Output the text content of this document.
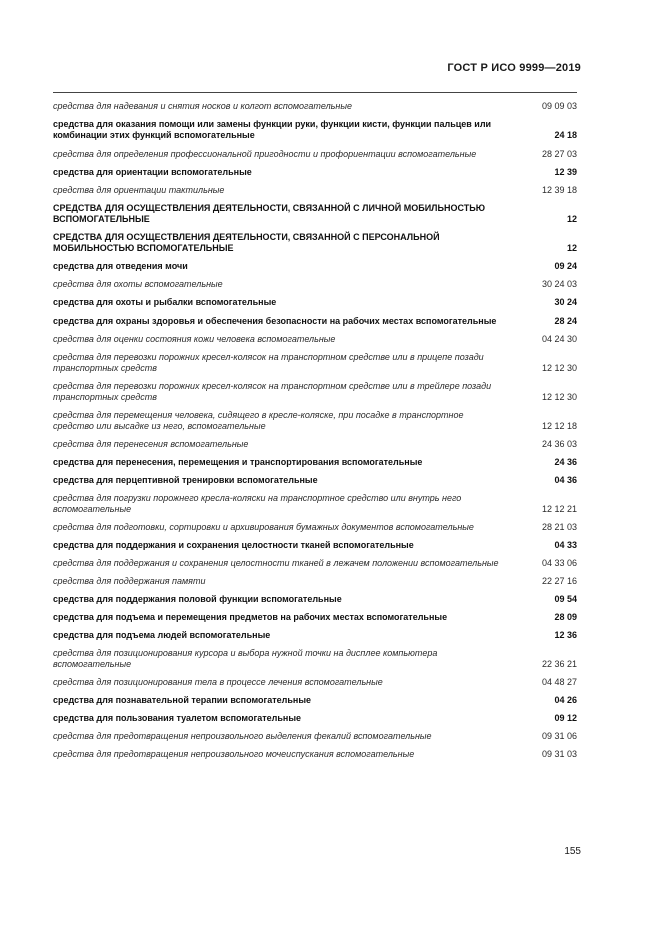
ГОСТ Р ИСО 9999—2019
средства для надевания и снятия носков и колгот вспомогательные	09 09 03
средства для оказания помощи или замены функции руки, функции кисти, функции пальцев или комбинации этих функций вспомогательные	24 18
средства для определения профессиональной пригодности и профориентации вспомогательные	28 27 03
средства для ориентации вспомогательные	12 39
средства для ориентации тактильные	12 39 18
СРЕДСТВА ДЛЯ ОСУЩЕСТВЛЕНИЯ ДЕЯТЕЛЬНОСТИ, СВЯЗАННОЙ С ЛИЧНОЙ МОБИЛЬНОСТЬЮ ВСПОМОГАТЕЛЬНЫЕ	12
СРЕДСТВА ДЛЯ ОСУЩЕСТВЛЕНИЯ ДЕЯТЕЛЬНОСТИ, СВЯЗАННОЙ С ПЕРСОНАЛЬНОЙ МОБИЛЬНОСТЬЮ ВСПОМОГАТЕЛЬНЫЕ	12
средства для отведения мочи	09 24
средства для охоты вспомогательные	30 24 03
средства для охоты и рыбалки вспомогательные	30 24
средства для охраны здоровья и обеспечения безопасности на рабочих местах вспомогательные	28 24
средства для оценки состояния кожи человека вспомогательные	04 24 30
средства для перевозки порожних кресел-колясок на транспортном средстве или в прицепе позади транспортных средств	12 12 30
средства для перевозки порожних кресел-колясок на транспортном средстве или в трейлере позади транспортных средств	12 12 30
средства для перемещения человека, сидящего в кресле-коляске, при посадке в транспортное средство или высадке из него, вспомогательные	12 12 18
средства для перенесения вспомогательные	24 36 03
средства для перенесения, перемещения и транспортирования вспомогательные	24 36
средства для перцептивной тренировки вспомогательные	04 36
средства для погрузки порожнего кресла-коляски на транспортное средство или внутрь него вспомогательные	12 12 21
средства для подготовки, сортировки и архивирования бумажных документов вспомогательные	28 21 03
средства для поддержания и сохранения целостности тканей вспомогательные	04 33
средства для поддержания и сохранения целостности тканей в лежачем положении вспомогательные	04 33 06
средства для поддержания памяти	22 27 16
средства для поддержания половой функции вспомогательные	09 54
средства для подъема и перемещения предметов на рабочих местах вспомогательные	28 09
средства для подъема людей вспомогательные	12 36
средства для позиционирования курсора и выбора нужной точки на дисплее компьютера вспомогательные	22 36 21
средства для позиционирования тела в процессе лечения вспомогательные	04 48 27
средства для познавательной терапии вспомогательные	04 26
средства для пользования туалетом вспомогательные	09 12
средства для предотвращения непроизвольного выделения фекалий вспомогательные	09 31 06
средства для предотвращения непроизвольного мочеиспускания вспомогательные	09 31 03
155
